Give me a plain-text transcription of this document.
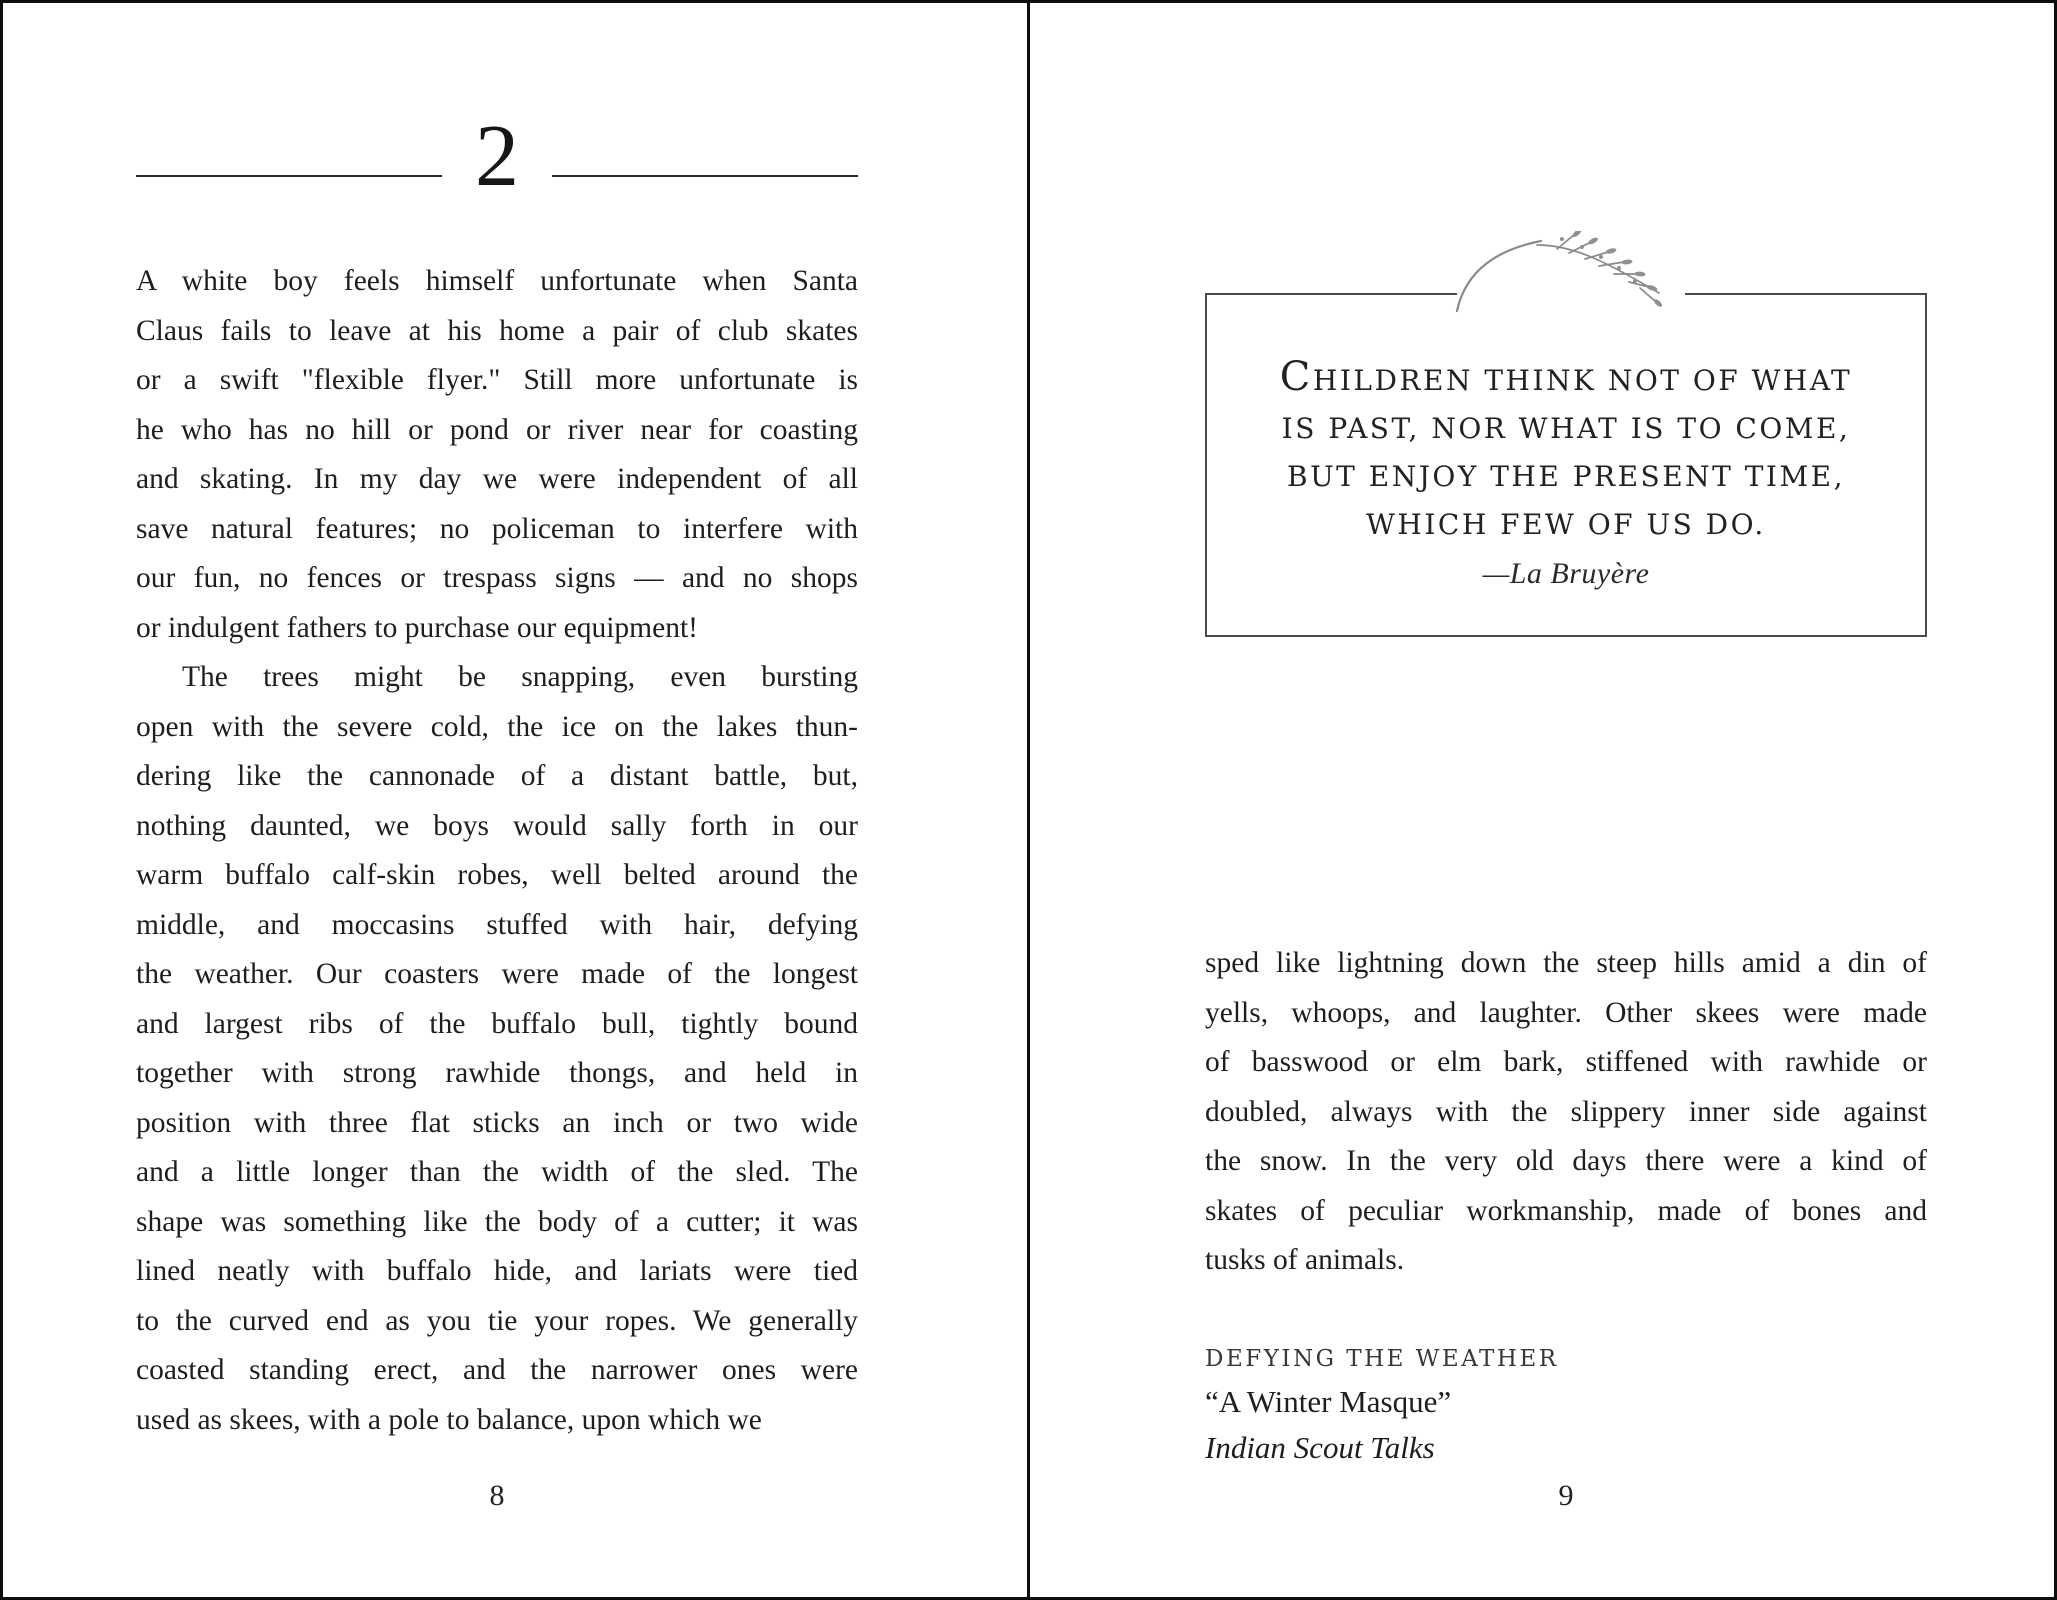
2
A white boy feels himself unfortunate when Santa
Claus fails to leave at his home a pair of club skates
or a swift "flexible flyer." Still more unfortunate is
he who has no hill or pond or river near for coasting
and skating. In my day we were independent of all
save natural features; no policeman to interfere with
our fun, no fences or trespass signs — and no shops
or indulgent fathers to purchase our equipment!
The trees might be snapping, even bursting
open with the severe cold, the ice on the lakes thun-
dering like the cannonade of a distant battle, but,
nothing daunted, we boys would sally forth in our
warm buffalo calf-skin robes, well belted around the
middle, and moccasins stuffed with hair, defying
the weather. Our coasters were made of the longest
and largest ribs of the buffalo bull, tightly bound
together with strong rawhide thongs, and held in
position with three flat sticks an inch or two wide
and a little longer than the width of the sled. The
shape was something like the body of a cutter; it was
lined neatly with buffalo hide, and lariats were tied
to the curved end as you tie your ropes. We generally
coasted standing erect, and the narrower ones were
used as skees, with a pole to balance, upon which we
8
CHILDREN THINK NOT OF WHAT
IS PAST, NOR WHAT IS TO COME,
BUT ENJOY THE PRESENT TIME,
WHICH FEW OF US DO.
—La Bruyère
sped like lightning down the steep hills amid a din of
yells, whoops, and laughter. Other skees were made
of basswood or elm bark, stiffened with rawhide or
doubled, always with the slippery inner side against
the snow. In the very old days there were a kind of
skates of peculiar workmanship, made of bones and
tusks of animals.
DEFYING THE WEATHER
“A Winter Masque”
Indian Scout Talks
9
